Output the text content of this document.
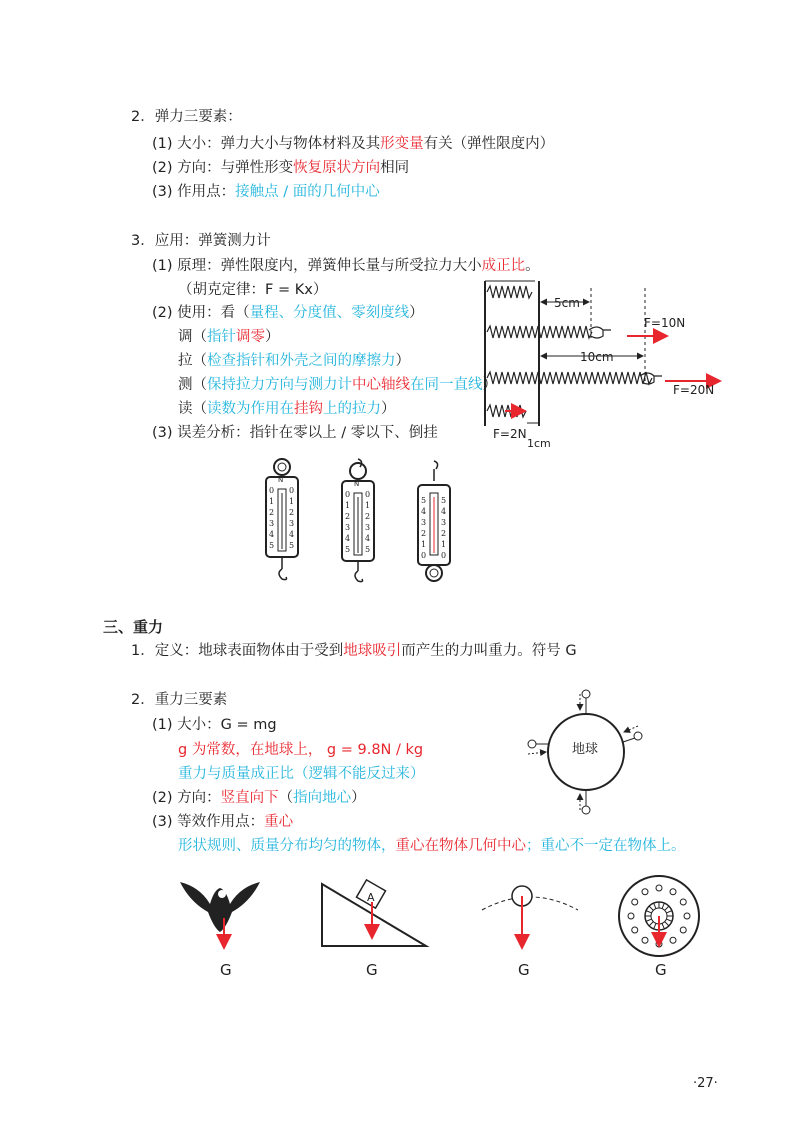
2．弹力三要素：
(1) 大小：弹力大小与物体材料及其形变量有关（弹性限度内）
(2) 方向：与弹性形变恢复原状方向相同
(3) 作用点：接触点 / 面的几何中心
3．应用：弹簧测力计
(1) 原理：弹性限度内，弹簧伸长量与所受拉力大小成正比。
（胡克定律：F = Kx）
(2) 使用：看（量程、分度值、零刻度线）
调（指针调零）
拉（检查指针和外壳之间的摩擦力）
测（保持拉力方向与测力计中心轴线在同一直线）
读（读数为作用在挂钩上的拉力）
(3) 误差分析：指针在零以上 / 零以下、倒挂
5cm
10cm
F=10N
F=20N
F=2N
1cm
N
0 0
1 1
2 2
3 3
4 4
5 5
N
0 0
1 1
2 2
3 3
4 4
5 5
5 5
4 4
3 3
2 2
1 1
0 0
三、重力
1．定义：地球表面物体由于受到地球吸引而产生的力叫重力。符号 G
2．重力三要素
(1) 大小：G = mg
g 为常数，在地球上， g = 9.8N / kg
重力与质量成正比（逻辑不能反过来）
(2) 方向：竖直向下（指向地心）
(3) 等效作用点：重心
形状规则、质量分布均匀的物体，重心在物体几何中心；重心不一定在物体上。
地球
A
G	G	G	G
·27·
